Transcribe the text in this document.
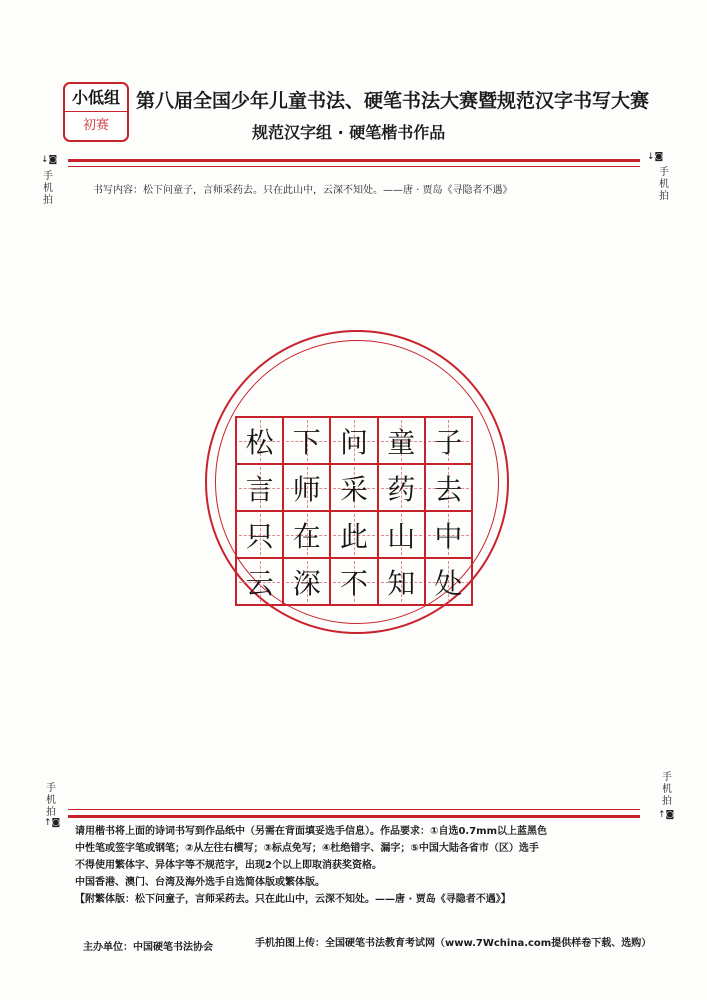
小低组
初赛
第八届全国少年儿童书法、硬笔书法大赛暨规范汉字书写大赛
规范汉字组 · 硬笔楷书作品
↓◙
手机拍
↓◙
手机拍
书写内容：松下问童子，言师采药去。只在此山中，云深不知处。——唐 · 贾岛《寻隐者不遇》
松 下 问 童 子
言 师 采 药 去
只 在 此 山 中
云 深 不 知 处
手机拍
↑◙
手机拍
↑◙

请用楷书将上面的诗词书写到作品纸中（另需在背面填妥选手信息）。作品要求：①自选0.7mm以上蓝黑色

中性笔或签字笔或钢笔；②从左往右横写；③标点免写；④杜绝错字、漏字；⑤中国大陆各省市（区）选手

不得使用繁体字、异体字等不规范字，出现2个以上即取消获奖资格。

中国香港、澳门、台湾及海外选手自选简体版或繁体版。

【附繁体版：松下问童子，言师采药去。只在此山中，云深不知处。——唐 · 贾岛《寻隐者不遇》】

主办单位：中国硬笔书法协会	手机拍图上传：全国硬笔书法教育考试网（www.7Wchina.com提供样卷下载、选购）
